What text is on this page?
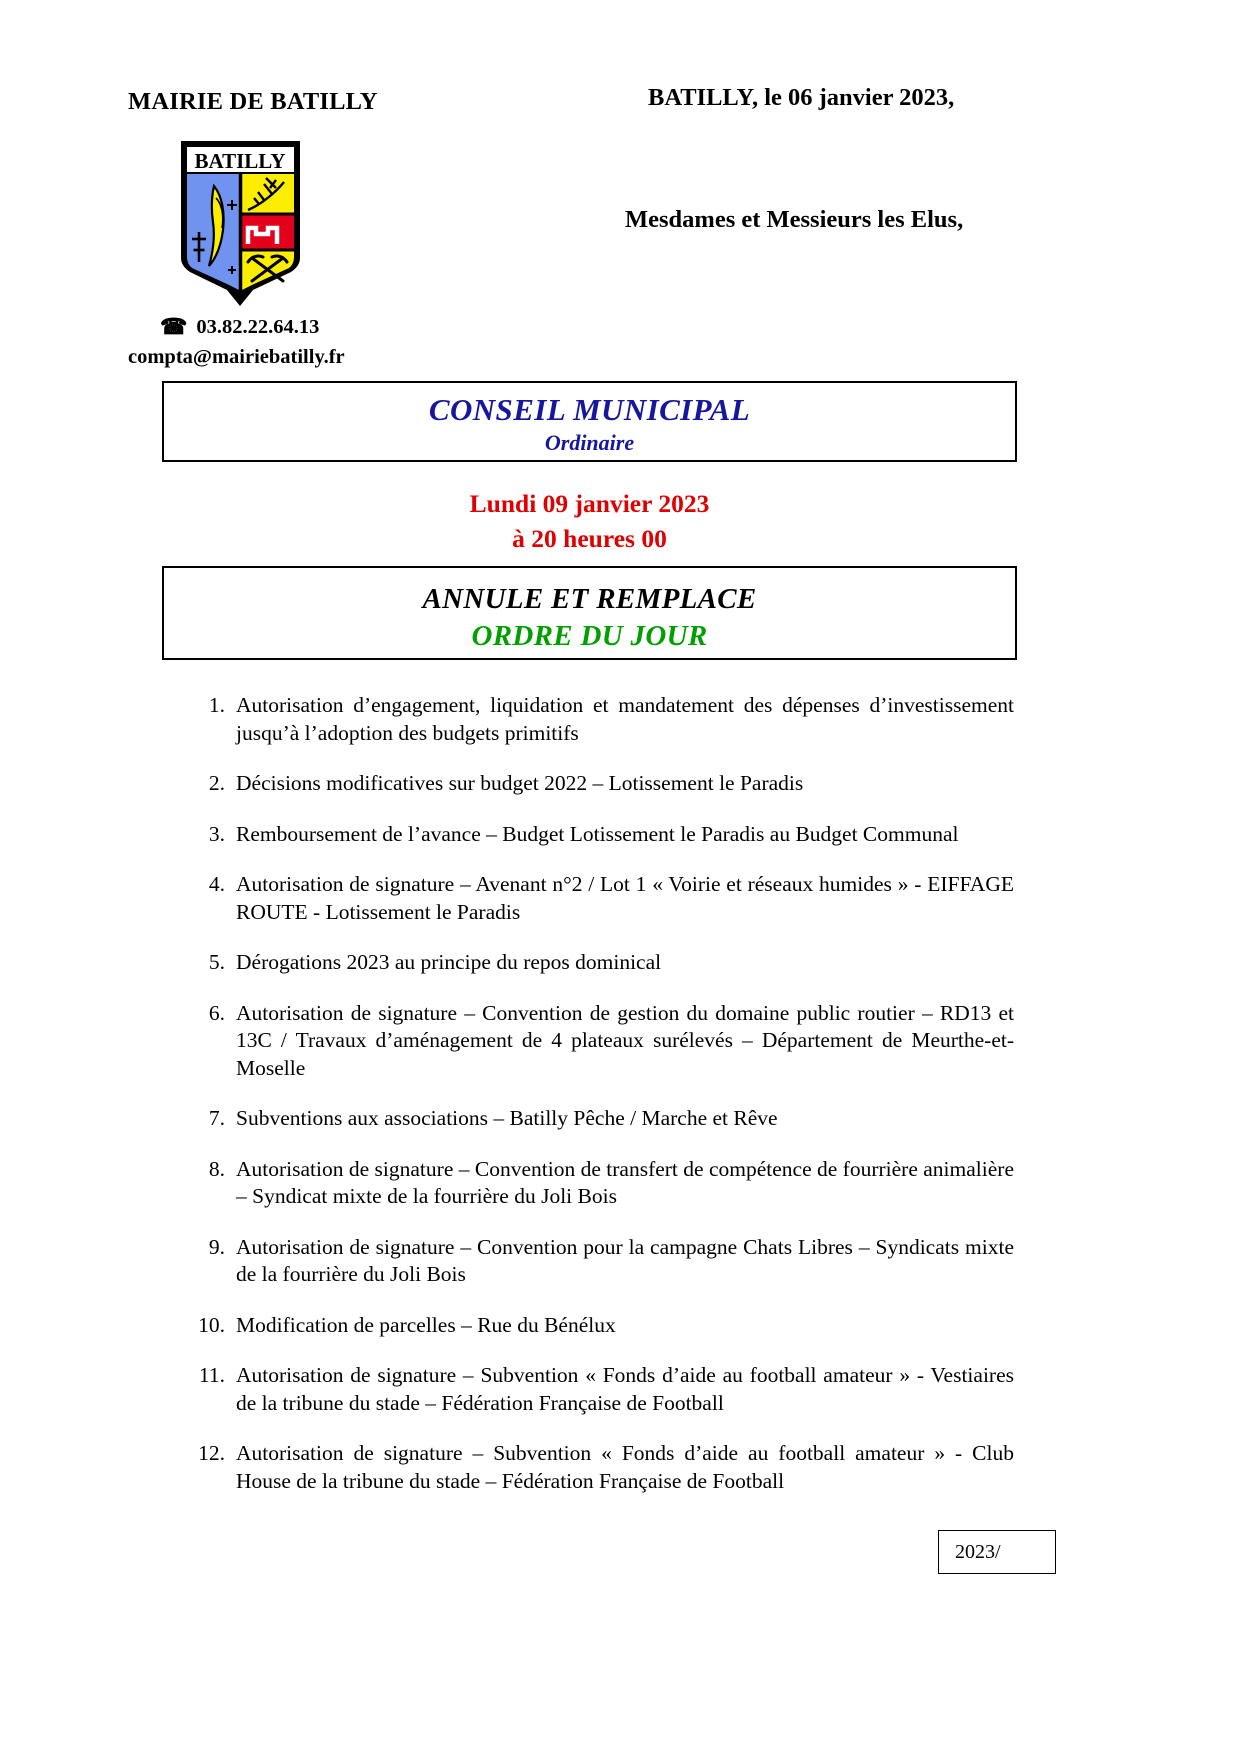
MAIRIE DE BATILLY	BATILLY, le 06 janvier 2023,
Mesdames et Messieurs les Elus,
BATILLY
☎ 03.82.22.64.13
compta@mairiebatilly.fr
CONSEIL MUNICIPAL
Ordinaire
Lundi 09 janvier 2023
à 20 heures 00
ANNULE ET REMPLACE
ORDRE DU JOUR
1. Autorisation d’engagement, liquidation et mandatement des dépenses d’investissement jusqu’à l’adoption des budgets primitifs
2. Décisions modificatives sur budget 2022 – Lotissement le Paradis
3. Remboursement de l’avance – Budget Lotissement le Paradis au Budget Communal
4. Autorisation de signature – Avenant n°2 / Lot 1 « Voirie et réseaux humides » - EIFFAGE ROUTE - Lotissement le Paradis
5. Dérogations 2023 au principe du repos dominical
6. Autorisation de signature – Convention de gestion du domaine public routier – RD13 et 13C / Travaux d’aménagement de 4 plateaux surélevés – Département de Meurthe-et-Moselle
7. Subventions aux associations – Batilly Pêche / Marche et Rêve
8. Autorisation de signature – Convention de transfert de compétence de fourrière animalière – Syndicat mixte de la fourrière du Joli Bois
9. Autorisation de signature – Convention pour la campagne Chats Libres – Syndicats mixte de la fourrière du Joli Bois
10. Modification de parcelles – Rue du Bénélux
11. Autorisation de signature – Subvention « Fonds d’aide au football amateur » - Vestiaires de la tribune du stade – Fédération Française de Football
12. Autorisation de signature – Subvention « Fonds d’aide au football amateur » - Club House de la tribune du stade – Fédération Française de Football
2023/
